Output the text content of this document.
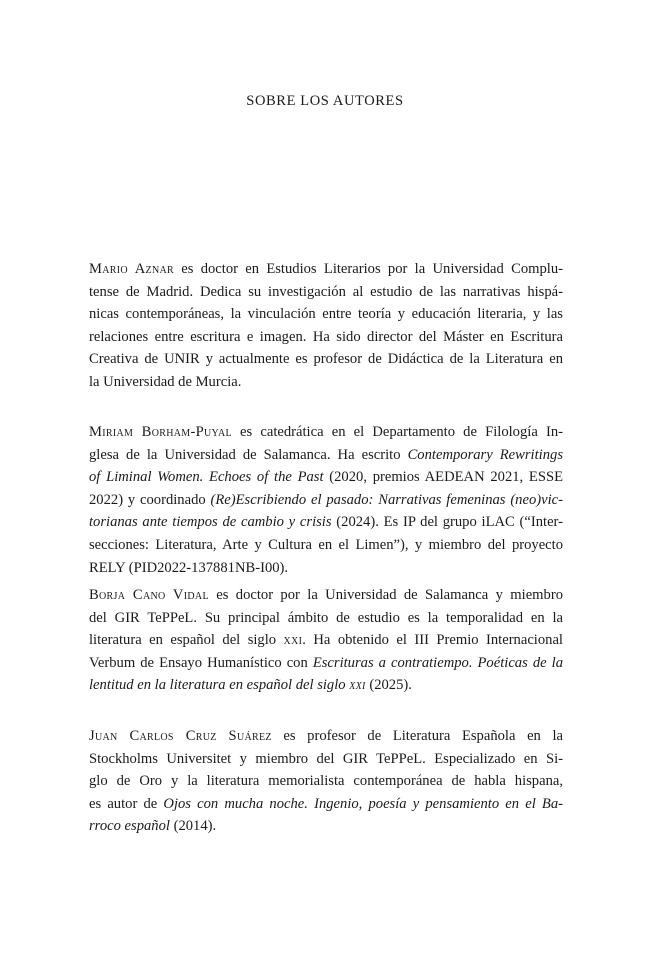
SOBRE LOS AUTORES

Mario Aznar es doctor en Estudios Literarios por la Universidad Complu-
tense de Madrid. Dedica su investigación al estudio de las narrativas hispá-
nicas contemporáneas, la vinculación entre teoría y educación literaria, y las
relaciones entre escritura e imagen. Ha sido director del Máster en Escritura
Creativa de UNIR y actualmente es profesor de Didáctica de la Literatura en
la Universidad de Murcia.

Miriam Borham-Puyal es catedrática en el Departamento de Filología In-
glesa de la Universidad de Salamanca. Ha escrito Contemporary Rewritings
of Liminal Women. Echoes of the Past (2020, premios AEDEAN 2021, ESSE
2022) y coordinado (Re)Escribiendo el pasado: Narrativas femeninas (neo)vic-
torianas ante tiempos de cambio y crisis (2024). Es IP del grupo iLAC (“Inter-
secciones: Literatura, Arte y Cultura en el Limen”), y miembro del proyecto
RELY (PID2022-137881NB-I00).

Borja Cano Vidal es doctor por la Universidad de Salamanca y miembro
del GIR TePPeL. Su principal ámbito de estudio es la temporalidad en la
literatura en español del siglo xxi. Ha obtenido el III Premio Internacional
Verbum de Ensayo Humanístico con Escrituras a contratiempo. Poéticas de la
lentitud en la literatura en español del siglo xxi (2025).

Juan Carlos Cruz Suárez es profesor de Literatura Española en la
Stockholms Universitet y miembro del GIR TePPeL. Especializado en Si-
glo de Oro y la literatura memorialista contemporánea de habla hispana,
es autor de Ojos con mucha noche. Ingenio, poesía y pensamiento en el Ba-
rroco español (2014).
